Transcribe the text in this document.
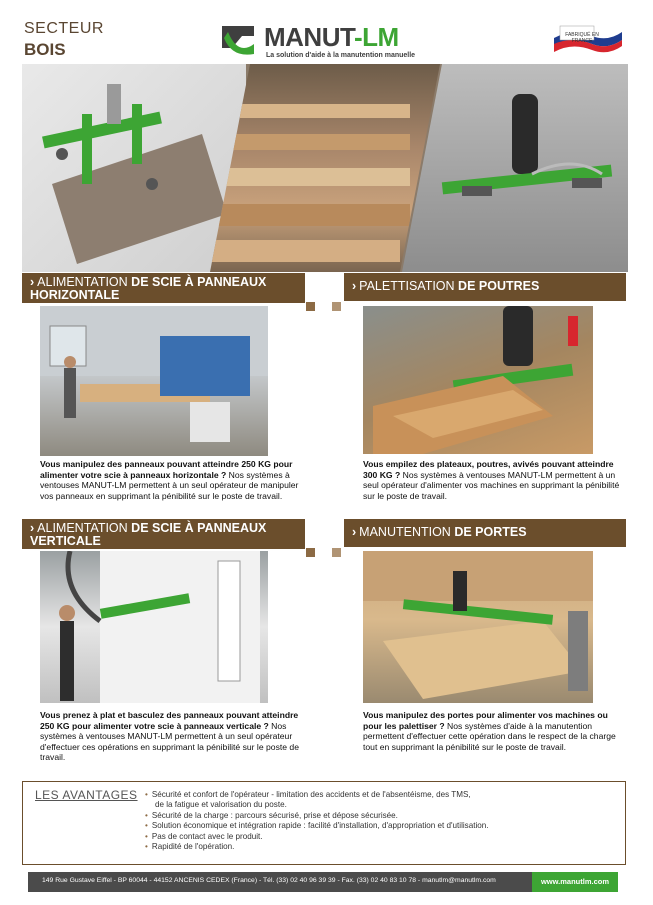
SECTEUR
BOIS	MANUT-LM
La solution d'aide à la manutention manuelle
FABRIQUÉ EN FRANCE
› ALIMENTATION DE SCIE À PANNEAUX
HORIZONTALE
› PALETTISATION DE POUTRES
Vous manipulez des panneaux pouvant atteindre 250 KG pour alimenter votre scie à panneaux horizontale ? Nos systèmes à ventouses MANUT-LM permettent à un seul opérateur de manipuler vos panneaux en supprimant la pénibilité sur le poste de travail.
Vous empilez des plateaux, poutres, avivés pouvant atteindre 300 KG ? Nos systèmes à ventouses MANUT-LM permettent à un seul opérateur d'alimenter vos machines en supprimant la pénibilité sur le poste de travail.
› ALIMENTATION DE SCIE À PANNEAUX
VERTICALE
› MANUTENTION DE PORTES
Vous prenez à plat et basculez des panneaux pouvant atteindre 250 KG pour alimenter votre scie à panneaux verticale ? Nos systèmes à ventouses MANUT-LM permettent à un seul opérateur d'effectuer ces opérations en supprimant la pénibilité sur le poste de travail.
Vous manipulez des portes pour alimenter vos machines ou pour les palettiser ? Nos systèmes d'aide à la manutention permettent d'effectuer cette opération dans le respect de la charge tout en supprimant la pénibilité sur le poste de travail.
LES AVANTAGES • Sécurité et confort de l'opérateur - limitation des accidents et de l'absentéisme, des TMS,
de la fatigue et valorisation du poste.
• Sécurité de la charge : parcours sécurisé, prise et dépose sécurisée.
• Solution économique et intégration rapide : facilité d'installation, d'appropriation et d'utilisation.
• Pas de contact avec le produit.
• Rapidité de l'opération.
149 Rue Gustave Eiffel - BP 60044 - 44152 ANCENIS CEDEX (France) - Tél. (33) 02 40 96 39 39 - Fax. (33) 02 40 83 10 78 - manutlm@manutlm.com	www.manutlm.com
